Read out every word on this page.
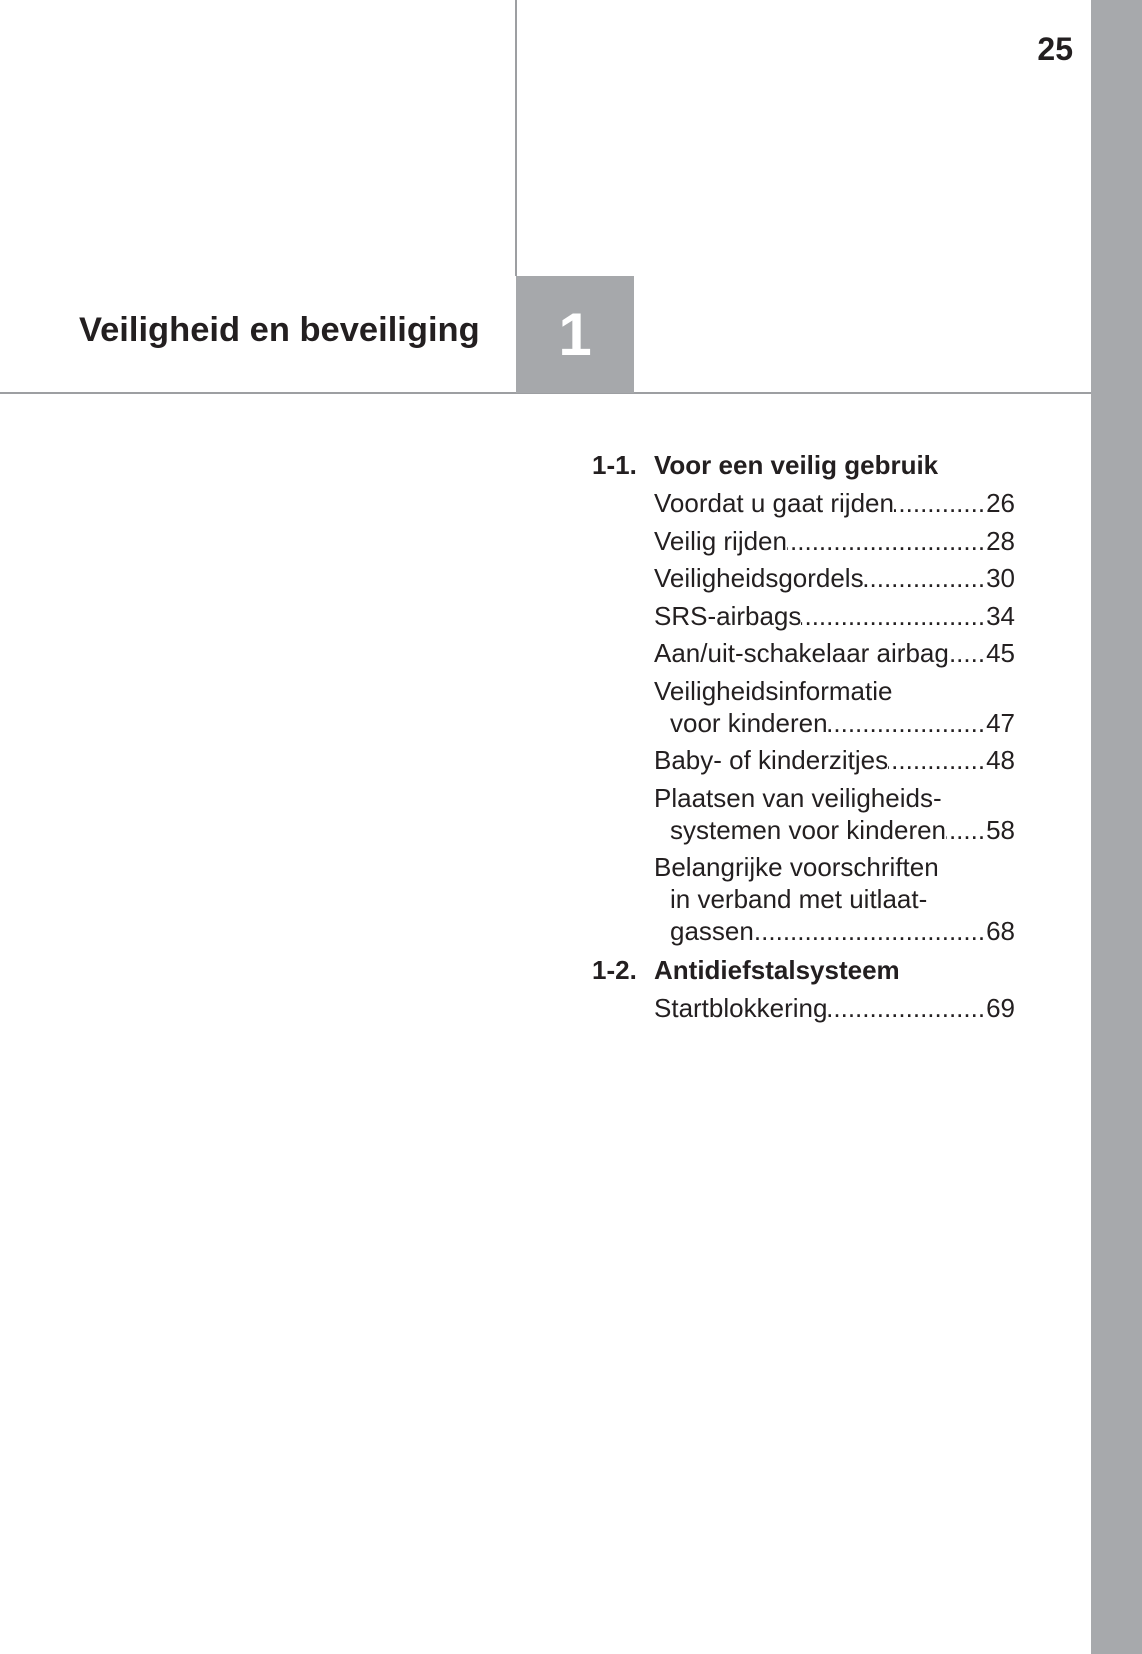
25
Veiligheid en beveiliging 1
1-1. Voor een veilig gebruik
Voordat u gaat rijden .....	26
Veilig rijden .....	28
Veiligheidsgordels .....	30
SRS-airbags .....	34
Aan/uit-schakelaar airbag ..... 45
Veiligheidsinformatie
voor kinderen .....	47
Baby- of kinderzitjes .....	48
Plaatsen van veiligheids-
systemen voor kinderen ..... 58
Belangrijke voorschriften
in verband met uitlaat-
gassen .....	68
1-2. Antidiefstalsysteem
Startblokkering .....	69
